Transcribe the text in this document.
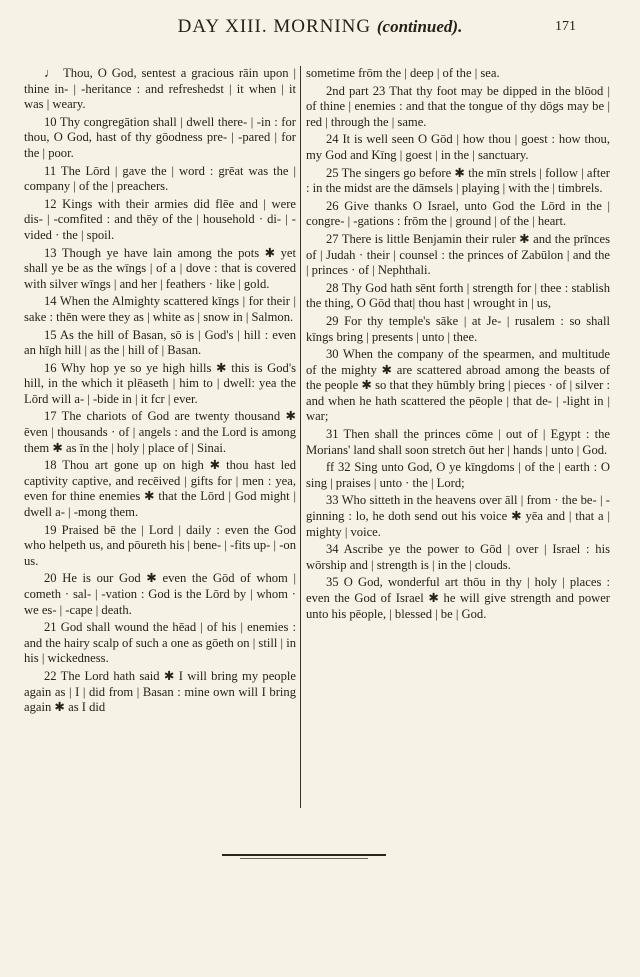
DAY XIII. MORNING (continued).	171

♩ Thou, O God, sentest a gracious rāin upon | thine in- | -heritance : and refreshedst | it when | it was | weary.

10 Thy congregātion shall | dwell there- | -in : for thou, O God, hast of thy gōodness pre- | -pared | for the | poor.

11 The Lōrd | gave the | word : grēat was the | company | of the | preachers.

12 Kings with their armies did flēe and | were dis- | -comfited : and thēy of the | household · di- | -vided · the | spoil.

13 Though ye have lain among the pots ✱ yet shall ye be as the wīngs | of a | dove : that is covered with silver wīngs | and her | feathers · like | gold.

14 When the Almighty scattered kīngs | for their | sake : thēn were they as | white as | snow in | Salmon.

15 As the hill of Basan, sō is | God's | hill : even an hīgh hill | as the | hill of | Basan.

16 Why hop ye so ye high hills ✱ this is God's hill, in the which it plēaseth | him to | dwell: yea the Lōrd will a- | -bide in | it fcr | ever.

17 The chariots of God are twenty thousand ✱ ēven | thousands · of | angels : and the Lord is among them ✱ as īn the | holy | place of | Sinai.

18 Thou art gone up on high ✱ thou hast led captivity captive, and recēived | gifts for | men : yea, even for thine enemies ✱ that the Lōrd | God might | dwell a- | -mong them.

19 Praised bē the | Lord | daily : even the God who helpeth us, and pōureth his | bene- | -fits up- | -on us.

20 He is our God ✱ even the Gōd of whom | cometh · sal- | -vation : God is the Lōrd by | whom · we es- | -cape | death.

21 God shall wound the hēad | of his | enemies : and the hairy scalp of such a one as gōeth on | still | in his | wickedness.

22 The Lord hath said ✱ I will bring my people again as | I | did from | Basan : mine own will I bring again ✱ as I did

sometime frōm the | deep | of the | sea.

2nd part 23 That thy foot may be dipped in the blōod | of thine | enemies : and that the tongue of thy dōgs may be | red | through the | same.

24 It is well seen O Gōd | how thou | goest : how thou, my God and Kīng | goest | in the | sanctuary.

25 The singers go before ✱ the mīn strels | follow | after : in the midst are the dāmsels | playing | with the | timbrels.

26 Give thanks O Israel, unto God the Lōrd in the | congre- | -gations : frōm the | ground | of the | heart.

27 There is little Benjamin their ruler ✱ and the prīnces of | Judah · their | counsel : the princes of Zabūlon | and the | princes · of | Nephthali.

28 Thy God hath sēnt forth | strength for | thee : stablish the thing, O Gōd that| thou hast | wrought in | us,

29 For thy temple's sāke | at Je- | rusalem : so shall kīngs bring | presents | unto | thee.

30 When the company of the spearmen, and multitude of the mighty ✱ are scattered abroad among the beasts of the people ✱ so that they hūmbly bring | pieces · of | silver : and when he hath scattered the pēople | that de- | -light in | war;

31 Then shall the princes cōme | out of | Egypt : the Morians' land shall soon stretch ōut her | hands | unto | God.

ff 32 Sing unto God, O ye kīngdoms | of the | earth : O sing | praises | unto · the | Lord;

33 Who sitteth in the heavens over āll | from · the be- | -ginning : lo, he doth send out his voice ✱ yēa and | that a | mighty | voice.

34 Ascribe ye the power to Gōd | over | Israel : his wōrship and | strength is | in the | clouds.

35 O God, wonderful art thōu in thy | holy | places : even the God of Israel ✱ he will give strength and power unto his pēople, | blessed | be | God.
